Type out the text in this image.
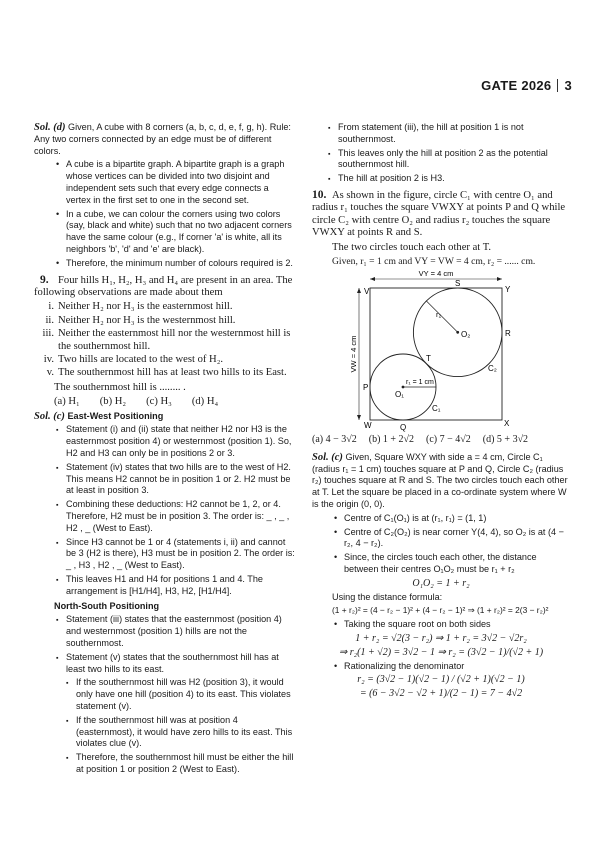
GATE 2026 3

Sol. (d) Given, A cube with 8 corners (a, b, c, d, e, f, g, h). Rule: Any two corners connected by an edge must be of different colors.

• A cube is a bipartite graph. A bipartite graph is a graph whose vertices can be divided into two disjoint and independent sets such that every edge connects a vertex in the first set to one in the second set.
• In a cube, we can colour the corners using two colors (say, black and white) such that no two adjacent corners have the same colour (e.g., If corner 'a' is white, all its neighbors 'b', 'd' and 'e' are black).
• Therefore, the minimum number of colours required is 2.

9. Four hills H₁, H₂, H₃ and H₄ are present in an area. The following observations are made about them

i. Neither H₂ nor H₃ is the easternmost hill.
ii. Neither H₂ nor H₃ is the westernmost hill.
iii. Neither the easternmost hill nor the westernmost hill is the southernmost hill.
iv. Two hills are located to the west of H₂.
v. The southernmost hill has at least two hills to its East.

The southernmost hill is ........ .

(a) H₁ (b) H₂ (c) H₃ (d) H₄

Sol. (c) East-West Positioning

▪ Statement (i) and (ii) state that neither H2 nor H3 is the easternmost position 4) or westernmost (position 1). So, H2 and H3 can only be in positions 2 or 3.
▪ Statement (iv) states that two hills are to the west of H2. This means H2 cannot be in position 1 or 2. H2 must be at least in position 3.
▪ Combining these deductions: H2 cannot be 1, 2, or 4. Therefore, H2 must be in position 3. The order is: _ , _ , H2 , _ (West to East).
▪ Since H3 cannot be 1 or 4 (statements i, ii) and cannot be 3 (H2 is there), H3 must be in position 2. The order is: _ , H3 , H2 , _ (West to East).
▪ This leaves H1 and H4 for positions 1 and 4. The arrangement is [H1/H4], H3, H2, [H1/H4].

North-South Positioning

▪ Statement (iii) states that the easternmost (position 4) and westernmost (position 1) hills are not the southernmost.
▪ Statement (v) states that the southernmost hill has at least two hills to its east.
▪ If the southernmost hill was H2 (position 3), it would only have one hill (position 4) to its east. This violates statement (v).
▪ If the southernmost hill was at position 4 (easternmost), it would have zero hills to its east. This violates clue (v).
▪ Therefore, the southernmost hill must be either the hill at position 1 or position 2 (West to East).
▪ From statement (iii), the hill at position 1 is not southernmost.
▪ This leaves only the hill at position 2 as the potential southernmost hill.
▪ The hill at position 2 is H3.

10. As shown in the figure, circle C₁ with centre O₁ and radius r₁ touches the square VWXY at points P and Q while circle C₂ with centre O₂ and radius r₂ touches the square VWXY at points R and S.

The two circles touch each other at T.

Given, r₁ = 1 cm and VY = VW = 4 cm, r₂ = ...... cm.

VY = 4 cm
VW = 4 cm
V
S
Y
R
r₂
O₂
T
C₂
P
r₁ = 1 cm
O₁
C₁
W	Q	X
(a) 4 − 3√2 (b) 1 + 2√2 (c) 7 − 4√2 (d) 5 + 3√2

Sol. (c) Given, Square WXY with side a = 4 cm, Circle C₁ (radius r₁ = 1 cm) touches square at P and Q, Circle C₂ (radius r₂) touches square at R and S. The two circles touch each other at T. Let the square be placed in a co-ordinate system where W is the origin (0, 0).

• Centre of C₁(O₁) is at (r₁, r₁) = (1, 1)
• Centre of C₂(O₂) is near corner Y(4, 4), so O₂ is at (4 − r₂, 4 − r₂).
• Since, the circles touch each other, the distance between their centres O₁O₂ must be r₁ + r₂

O₁O₂ = 1 + r₂

Using the distance formula:

(1 + r₂)² = (4 − r₂ − 1)² + (4 − r₂ − 1)² ⇒ (1 + r₂)² = 2(3 − r₂)²

• Taking the square root on both sides

1 + r₂ = √2(3 − r₂) ⇒ 1 + r₂ = 3√2 − √2r₂

⇒ r₂(1 + √2) = 3√2 − 1 ⇒ r₂ = (3√2 − 1)/(√2 + 1)

• Rationalizing the denominator

r₂ = (3√2 − 1)(√2 − 1) / (√2 + 1)(√2 − 1)

= (6 − 3√2 − √2 + 1)/(2 − 1) = 7 − 4√2
